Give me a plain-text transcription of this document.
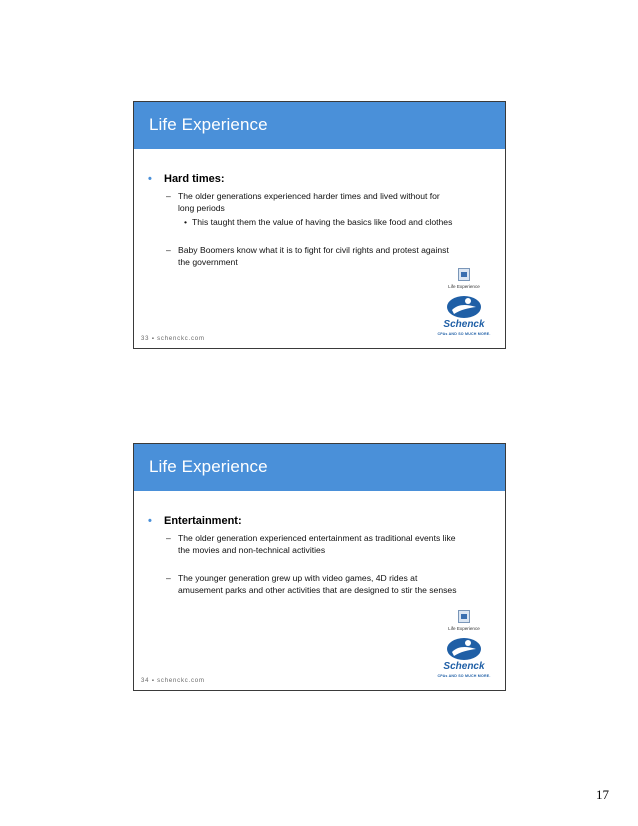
Life Experience
• Hard times:
– The older generations experienced harder times and lived without for long periods
• This taught them the value of having the basics like food and clothes
– Baby Boomers know what it is to fight for civil rights and protest against the government
Life Experience
Schenck
CPAs AND SO MUCH MORE.
33 ▪ schenckc.com
Life Experience
• Entertainment:
– The older generation experienced entertainment as traditional events like the movies and non-technical activities
– The younger generation grew up with video games, 4D rides at amusement parks and other activities that are designed to stir the senses
Life Experience
Schenck
CPAs AND SO MUCH MORE.
34 ▪ schenckc.com
17
